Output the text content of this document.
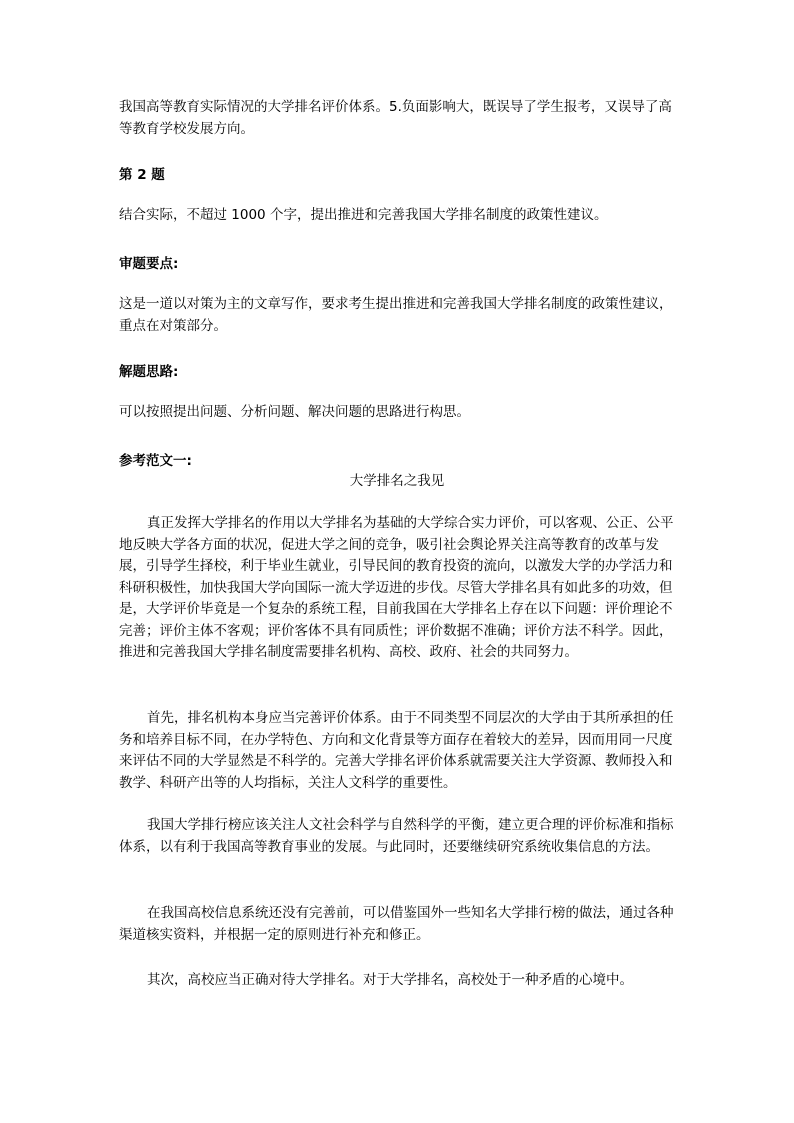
我国高等教育实际情况的大学排名评价体系。5.负面影响大，既误导了学生报考，又误导了高等教育学校发展方向。

第 2 题

结合实际，不超过 1000 个字，提出推进和完善我国大学排名制度的政策性建议。

审题要点:

这是一道以对策为主的文章写作，要求考生提出推进和完善我国大学排名制度的政策性建议，重点在对策部分。

解题思路:

可以按照提出问题、分析问题、解决问题的思路进行构思。

参考范文一:

大学排名之我见

真正发挥大学排名的作用以大学排名为基础的大学综合实力评价，可以客观、公正、公平地反映大学各方面的状况，促进大学之间的竞争，吸引社会舆论界关注高等教育的改革与发展，引导学生择校，利于毕业生就业，引导民间的教育投资的流向，以激发大学的办学活力和科研积极性，加快我国大学向国际一流大学迈进的步伐。尽管大学排名具有如此多的功效，但是，大学评价毕竟是一个复杂的系统工程，目前我国在大学排名上存在以下问题：评价理论不完善；评价主体不客观；评价客体不具有同质性；评价数据不准确；评价方法不科学。因此，推进和完善我国大学排名制度需要排名机构、高校、政府、社会的共同努力。

首先，排名机构本身应当完善评价体系。由于不同类型不同层次的大学由于其所承担的任务和培养目标不同，在办学特色、方向和文化背景等方面存在着较大的差异，因而用同一尺度来评估不同的大学显然是不科学的。完善大学排名评价体系就需要关注大学资源、教师投入和教学、科研产出等的人均指标，关注人文科学的重要性。

我国大学排行榜应该关注人文社会科学与自然科学的平衡，建立更合理的评价标准和指标体系，以有利于我国高等教育事业的发展。与此同时，还要继续研究系统收集信息的方法。

在我国高校信息系统还没有完善前，可以借鉴国外一些知名大学排行榜的做法，通过各种渠道核实资料，并根据一定的原则进行补充和修正。

其次，高校应当正确对待大学排名。对于大学排名，高校处于一种矛盾的心境中。
